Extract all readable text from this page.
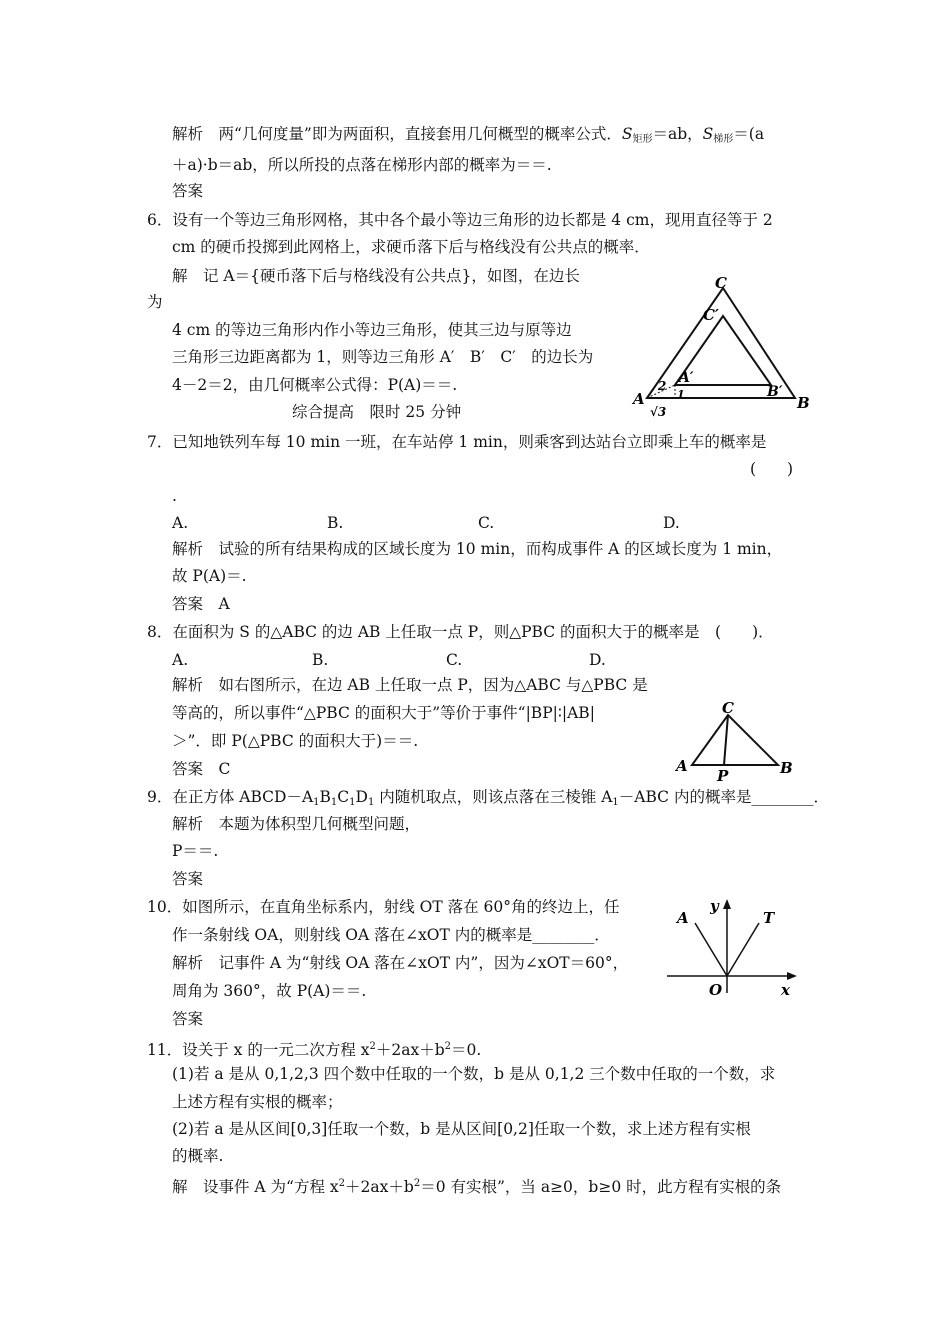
解析　两“几何度量”即为两面积，直接套用几何概型的概率公式．$S_{矩形}=ab$，$S_{梯形}=(a$
＋a)·b＝ab，所以所投的点落在梯形内部的概率为＝＝.
答案
6．设有一个等边三角形网格，其中各个最小等边三角形的边长都是 4 cm，现用直径等于 2
cm 的硬币投掷到此网格上，求硬币落下后与格线没有公共点的概率．
解　记 A＝{硬币落下后与格线没有公共点}，如图，在边长
为
4 cm 的等边三角形内作小等边三角形，使其三边与原等边
三角形三边距离都为 1，则等边三角形 A′　B′　C′　的边长为
4－2＝2，由几何概率公式得：P(A)＝＝.
综合提高　限时 25 分钟
C
C′
A′
B′
A	B
2
1
√3
7．已知地铁列车每 10 min 一班，在车站停 1 min，则乘客到达站台立即乘上车的概率是
(　　)
.
A.	B.	C.	D.
解析　试验的所有结果构成的区域长度为 10 min，而构成事件 A 的区域长度为 1 min，
故 P(A)＝.
答案　A
8．在面积为 S 的△ABC 的边 AB 上任取一点 P，则△PBC 的面积大于的概率是　(　　)．
A.	B.	C.	D.
解析　如右图所示，在边 AB 上任取一点 P，因为△ABC 与△PBC 是
等高的，所以事件“△PBC 的面积大于”等价于事件“|BP|∶|AB|
＞”．即 P(△PBC 的面积大于)＝＝.
答案　C
C
A
P	B
9．在正方体 $ABCD-A_1B_1C_1D_1$ 内随机取点，则该点落在三棱锥 $A_1-ABC$ 内的概率是________．
解析　本题为体积型几何概型问题，
P＝＝.
答案
10．如图所示，在直角坐标系内，射线 OT 落在 60°角的终边上，任
作一条射线 OA，则射线 OA 落在∠xOT 内的概率是________．
解析　记事件 A 为“射线 OA 落在∠xOT 内”，因为∠xOT＝60°，
周角为 360°，故 P(A)＝＝.
答案
A
y
T
O	x
11．设关于 x 的一元二次方程 $x^2+2ax+b^2=0$.
(1)若 a 是从 0,1,2,3 四个数中任取的一个数，b 是从 0,1,2 三个数中任取的一个数，求
上述方程有实根的概率；
(2)若 a 是从区间[0,3]任取一个数，b 是从区间[0,2]任取一个数，求上述方程有实根
的概率.
解　设事件 A 为“方程 $x^2+2ax+b^2=0$ 有实根”，当 a≥0，b≥0 时，此方程有实根的条
